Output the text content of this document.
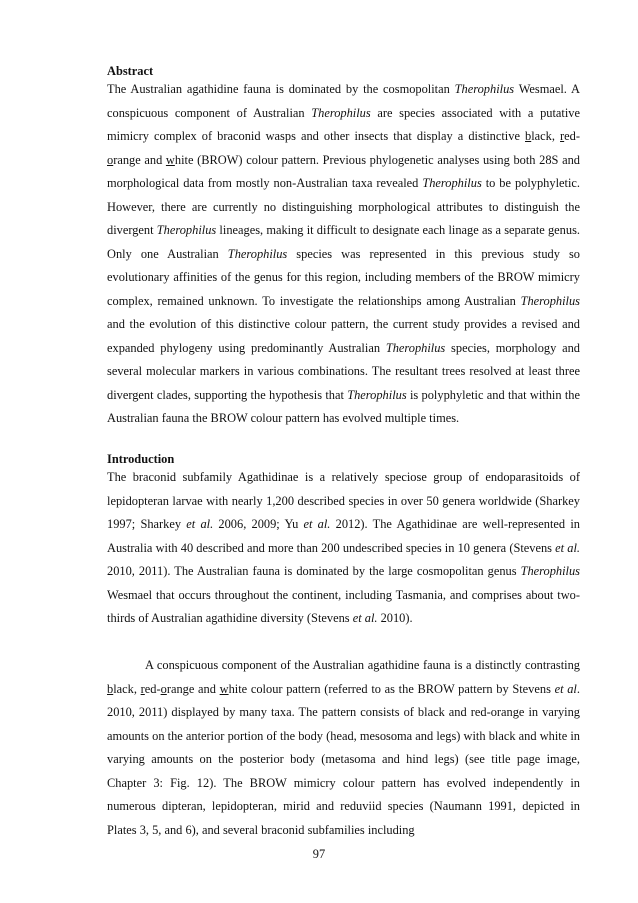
Abstract

The Australian agathidine fauna is dominated by the cosmopolitan Therophilus Wesmael. A conspicuous component of Australian Therophilus are species associated with a putative mimicry complex of braconid wasps and other insects that display a distinctive black, red-orange and white (BROW) colour pattern. Previous phylogenetic analyses using both 28S and morphological data from mostly non-Australian taxa revealed Therophilus to be polyphyletic. However, there are currently no distinguishing morphological attributes to distinguish the divergent Therophilus lineages, making it difficult to designate each linage as a separate genus. Only one Australian Therophilus species was represented in this previous study so evolutionary affinities of the genus for this region, including members of the BROW mimicry complex, remained unknown. To investigate the relationships among Australian Therophilus and the evolution of this distinctive colour pattern, the current study provides a revised and expanded phylogeny using predominantly Australian Therophilus species, morphology and several molecular markers in various combinations. The resultant trees resolved at least three divergent clades, supporting the hypothesis that Therophilus is polyphyletic and that within the Australian fauna the BROW colour pattern has evolved multiple times.

Introduction

The braconid subfamily Agathidinae is a relatively speciose group of endoparasitoids of lepidopteran larvae with nearly 1,200 described species in over 50 genera worldwide (Sharkey 1997; Sharkey et al. 2006, 2009; Yu et al. 2012). The Agathidinae are well-represented in Australia with 40 described and more than 200 undescribed species in 10 genera (Stevens et al. 2010, 2011). The Australian fauna is dominated by the large cosmopolitan genus Therophilus Wesmael that occurs throughout the continent, including Tasmania, and comprises about two-thirds of Australian agathidine diversity (Stevens et al. 2010).

A conspicuous component of the Australian agathidine fauna is a distinctly contrasting black, red-orange and white colour pattern (referred to as the BROW pattern by Stevens et al. 2010, 2011) displayed by many taxa. The pattern consists of black and red-orange in varying amounts on the anterior portion of the body (head, mesosoma and legs) with black and white in varying amounts on the posterior body (metasoma and hind legs) (see title page image, Chapter 3: Fig. 12). The BROW mimicry colour pattern has evolved independently in numerous dipteran, lepidopteran, mirid and reduviid species (Naumann 1991, depicted in Plates 3, 5, and 6), and several braconid subfamilies including

97
